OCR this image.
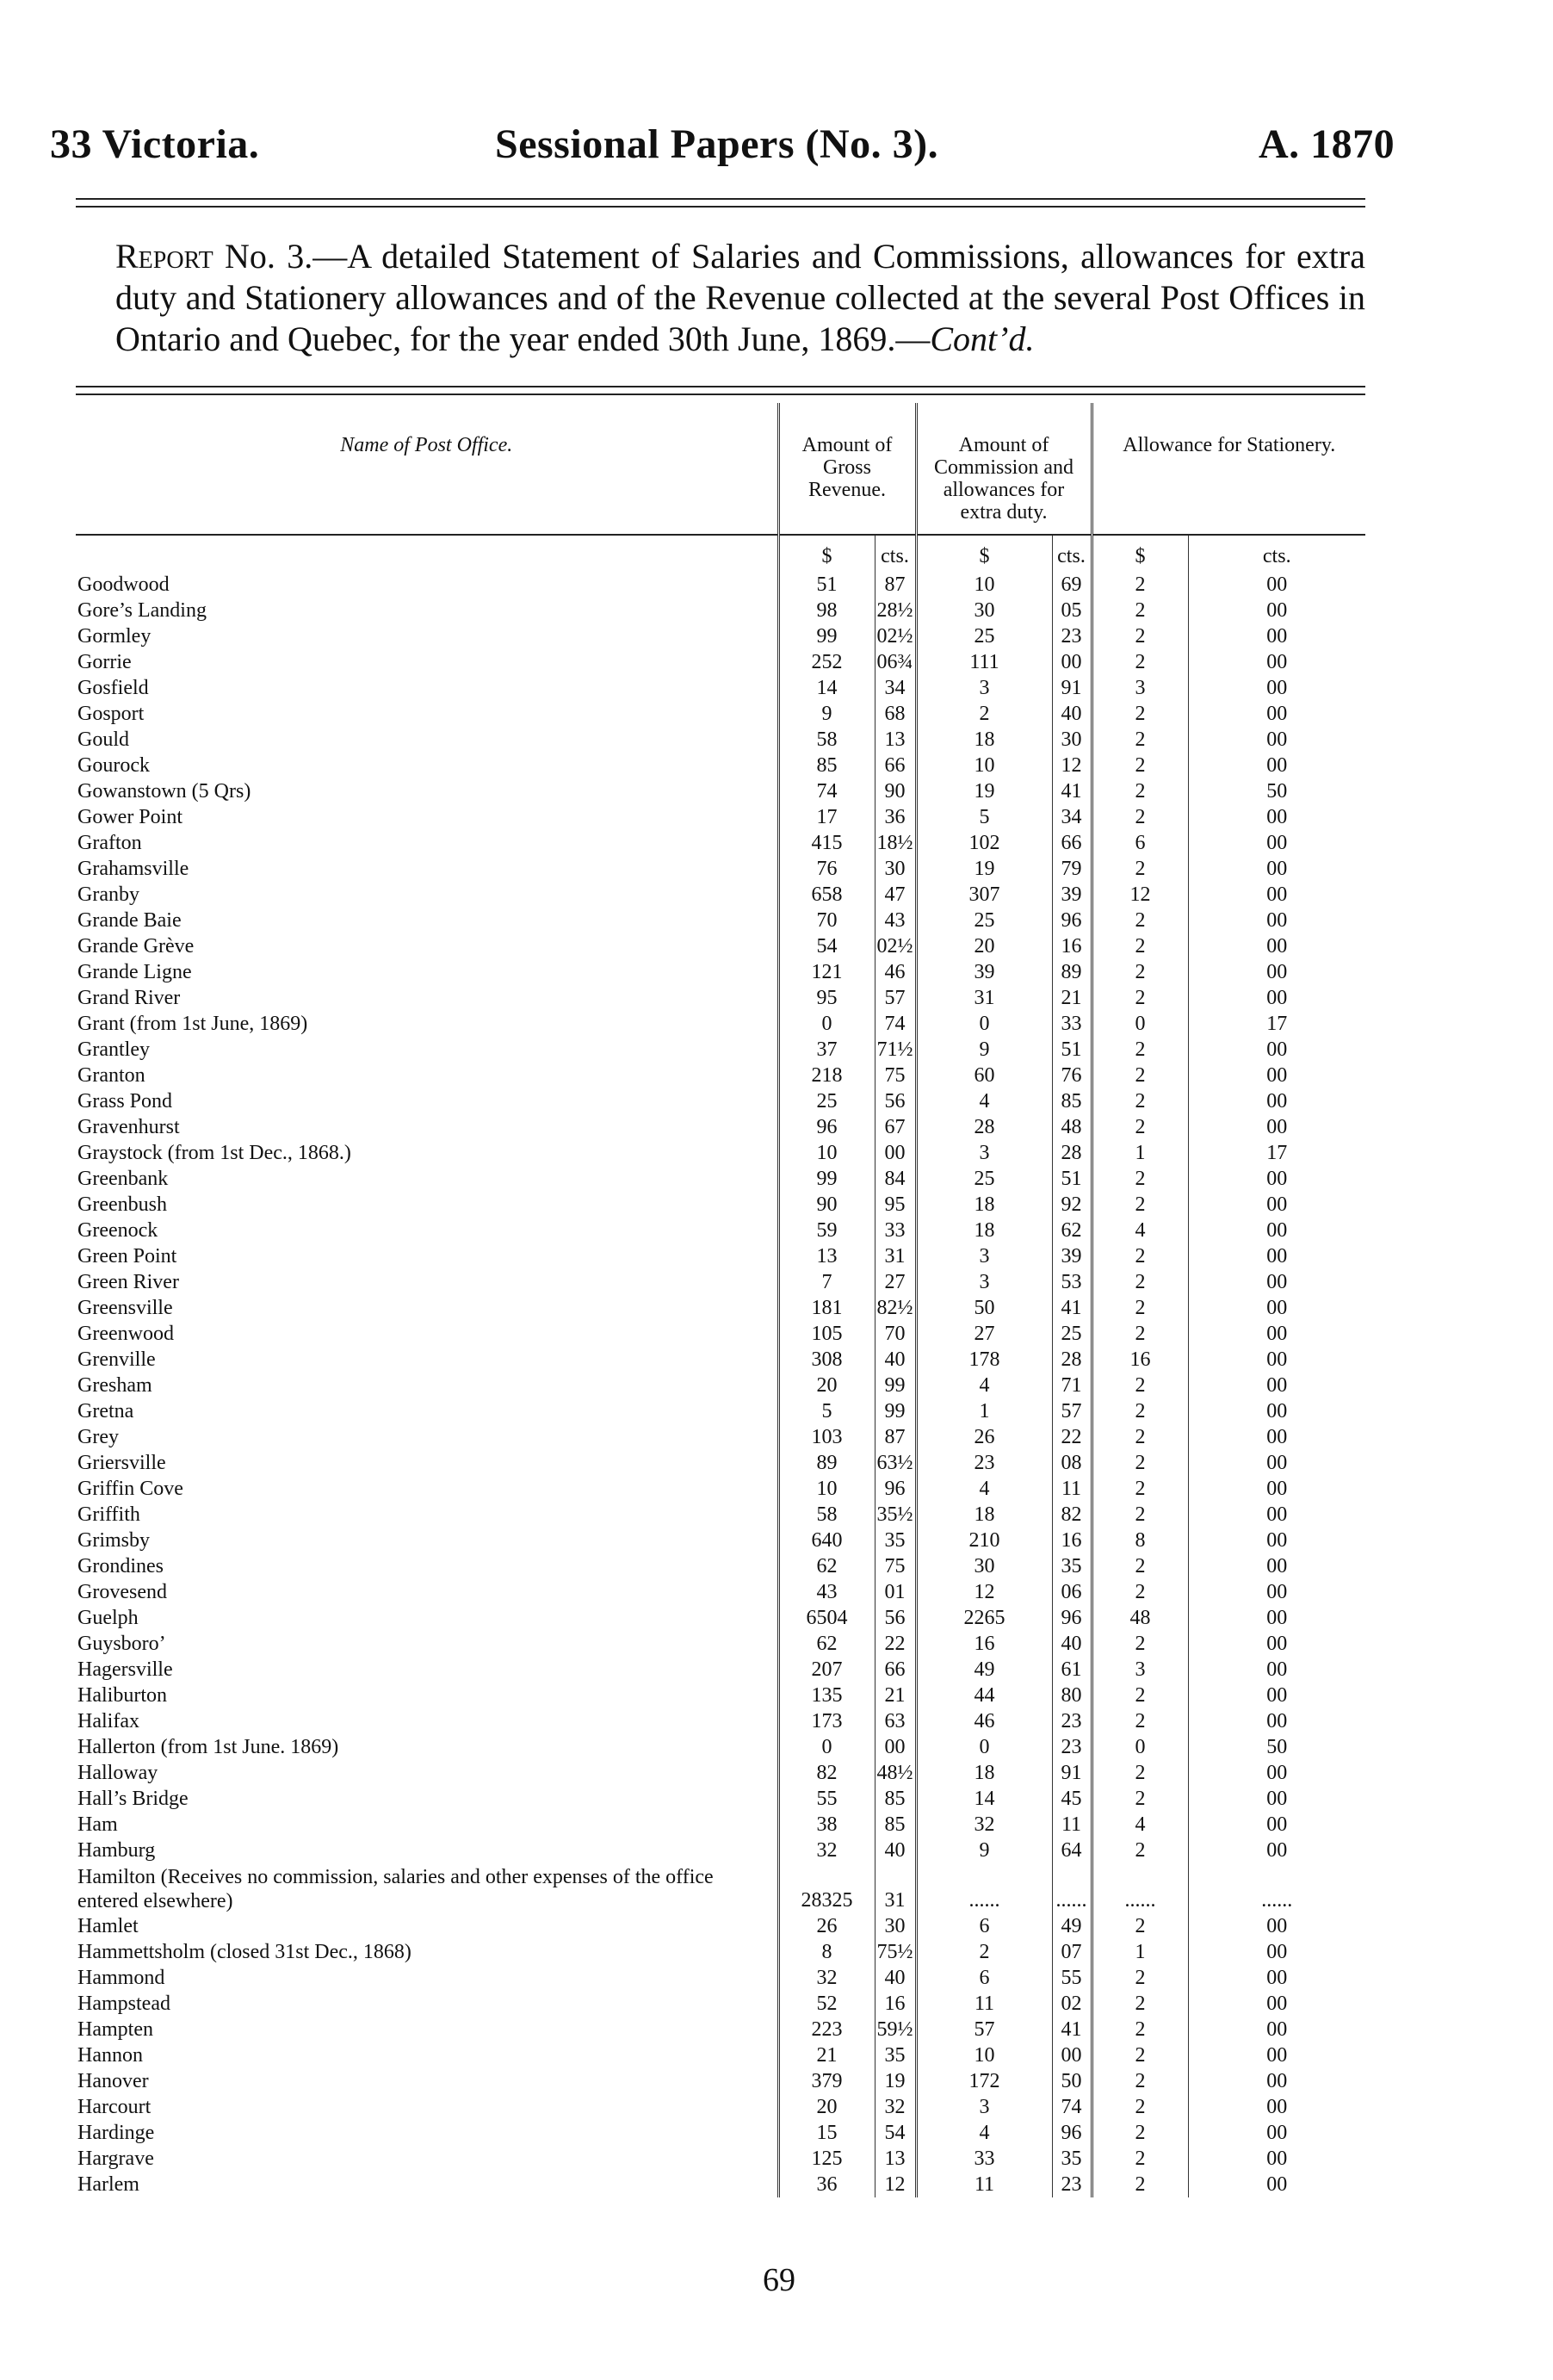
33 Victoria.	Sessional Papers (No. 3).	A. 1870
Report No. 3.—A detailed Statement of Salaries and Commissions, allowances for extra duty and Stationery allowances and of the Revenue collected at the several Post Offices in Ontario and Quebec, for the year ended 30th June, 1869.—Cont’d.
Name of Post Office.	Amount of Gross Revenue.		Amount of Commission and allowances for extra duty.		Allowance for Stationery.	
	$	cts.	$	cts.	$	cts.
Goodwood	51	87	10	69	2	00
Gore’s Landing	98	28½	30	05	2	00
Gormley	99	02½	25	23	2	00
Gorrie	252	06¾	111	00	2	00
Gosfield	14	34	3	91	3	00
Gosport	9	68	2	40	2	00
Gould	58	13	18	30	2	00
Gourock	85	66	10	12	2	00
Gowanstown (5 Qrs)	74	90	19	41	2	50
Gower Point	17	36	5	34	2	00
Grafton	415	18½	102	66	6	00
Grahamsville	76	30	19	79	2	00
Granby	658	47	307	39	12	00
Grande Baie	70	43	25	96	2	00
Grande Grève	54	02½	20	16	2	00
Grande Ligne	121	46	39	89	2	00
Grand River	95	57	31	21	2	00
Grant (from 1st June, 1869)	0	74	0	33	0	17
Grantley	37	71½	9	51	2	00
Granton	218	75	60	76	2	00
Grass Pond	25	56	4	85	2	00
Gravenhurst	96	67	28	48	2	00
Graystock (from 1st Dec., 1868.)	10	00	3	28	1	17
Greenbank	99	84	25	51	2	00
Greenbush	90	95	18	92	2	00
Greenock	59	33	18	62	4	00
Green Point	13	31	3	39	2	00
Green River	7	27	3	53	2	00
Greensville	181	82½	50	41	2	00
Greenwood	105	70	27	25	2	00
Grenville	308	40	178	28	16	00
Gresham	20	99	4	71	2	00
Gretna	5	99	1	57	2	00
Grey	103	87	26	22	2	00
Griersville	89	63½	23	08	2	00
Griffin Cove	10	96	4	11	2	00
Griffith	58	35½	18	82	2	00
Grimsby	640	35	210	16	8	00
Grondines	62	75	30	35	2	00
Grovesend	43	01	12	06	2	00
Guelph	6504	56	2265	96	48	00
Guysboro’	62	22	16	40	2	00
Hagersville	207	66	49	61	3	00
Haliburton	135	21	44	80	2	00
Halifax	173	63	46	23	2	00
Hallerton (from 1st June. 1869)	0	00	0	23	0	50
Halloway	82	48½	18	91	2	00
Hall’s Bridge	55	85	14	45	2	00
Ham	38	85	32	11	4	00
Hamburg	32	40	9	64	2	00
Hamilton (Receives no commission, salaries and other expenses of the office entered elsewhere)	28325	31	......	......	......	......
Hamlet	26	30	6	49	2	00
Hammettsholm (closed 31st Dec., 1868)	8	75½	2	07	1	00
Hammond	32	40	6	55	2	00
Hampstead	52	16	11	02	2	00
Hampten	223	59½	57	41	2	00
Hannon	21	35	10	00	2	00
Hanover	379	19	172	50	2	00
Harcourt	20	32	3	74	2	00
Hardinge	15	54	4	96	2	00
Hargrave	125	13	33	35	2	00
Harlem	36	12	11	23	2	00
69
